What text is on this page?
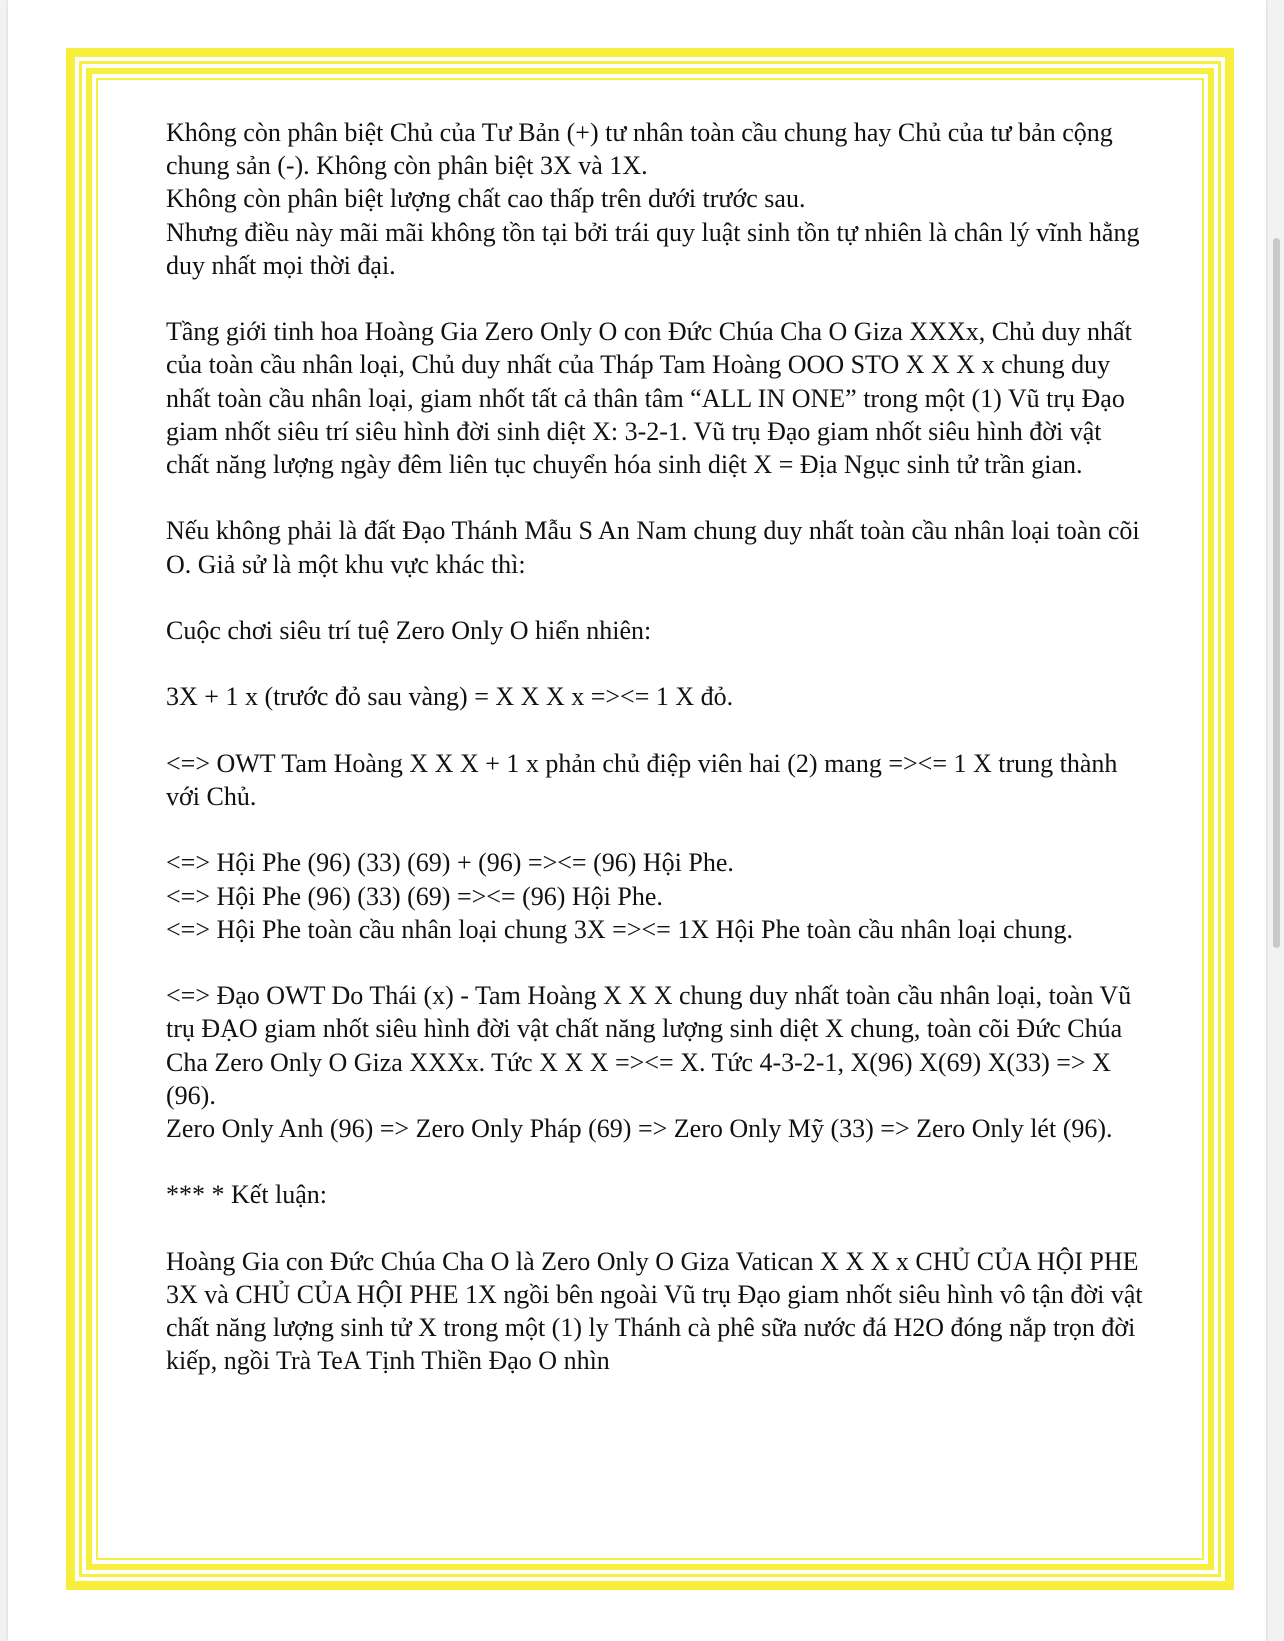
Không còn phân biệt Chủ của Tư Bản (+) tư nhân toàn cầu chung hay Chủ của tư bản cộng chung sản (-). Không còn phân biệt 3X và 1X.
Không còn phân biệt lượng chất cao thấp trên dưới trước sau.
Nhưng điều này mãi mãi không tồn tại bởi trái quy luật sinh tồn tự nhiên là chân lý vĩnh hằng duy nhất mọi thời đại.

Tầng giới tinh hoa Hoàng Gia Zero Only O con Đức Chúa Cha O Giza XXXx, Chủ duy nhất của toàn cầu nhân loại, Chủ duy nhất của Tháp Tam Hoàng OOO STO X X X x chung duy nhất toàn cầu nhân loại, giam nhốt tất cả thân tâm “ALL IN ONE” trong một (1) Vũ trụ Đạo giam nhốt siêu trí siêu hình đời sinh diệt X: 3-2-1. Vũ trụ Đạo giam nhốt siêu hình đời vật chất năng lượng ngày đêm liên tục chuyển hóa sinh diệt X = Địa Ngục sinh tử trần gian.

Nếu không phải là đất Đạo Thánh Mẫu S An Nam chung duy nhất toàn cầu nhân loại toàn cõi O. Giả sử là một khu vực khác thì:

Cuộc chơi siêu trí tuệ Zero Only O hiển nhiên:

3X + 1 x (trước đỏ sau vàng) = X X X x =><= 1 X đỏ.

<=> OWT Tam Hoàng X X X + 1 x phản chủ điệp viên hai (2) mang =><= 1 X trung thành với Chủ.

<=> Hội Phe (96) (33) (69) + (96) =><= (96) Hội Phe.
<=> Hội Phe (96) (33) (69) =><= (96) Hội Phe.
<=> Hội Phe toàn cầu nhân loại chung 3X =><= 1X Hội Phe toàn cầu nhân loại chung.

<=> Đạo OWT Do Thái (x) - Tam Hoàng X X X chung duy nhất toàn cầu nhân loại, toàn Vũ trụ ĐẠO giam nhốt siêu hình đời vật chất năng lượng sinh diệt X chung, toàn cõi Đức Chúa Cha Zero Only O Giza XXXx. Tức X X X =><= X. Tức 4-3-2-1, X(96) X(69) X(33) => X (96).
Zero Only Anh (96) => Zero Only Pháp (69) => Zero Only Mỹ (33) => Zero Only lét (96).

*** * Kết luận:

Hoàng Gia con Đức Chúa Cha O là Zero Only O Giza Vatican X X X x CHỦ CỦA HỘI PHE 3X và CHỦ CỦA HỘI PHE 1X ngồi bên ngoài Vũ trụ Đạo giam nhốt siêu hình vô tận đời vật chất năng lượng sinh tử X trong một (1) ly Thánh cà phê sữa nước đá H2O đóng nắp trọn đời kiếp, ngồi Trà TeA Tịnh Thiền Đạo O nhìn
